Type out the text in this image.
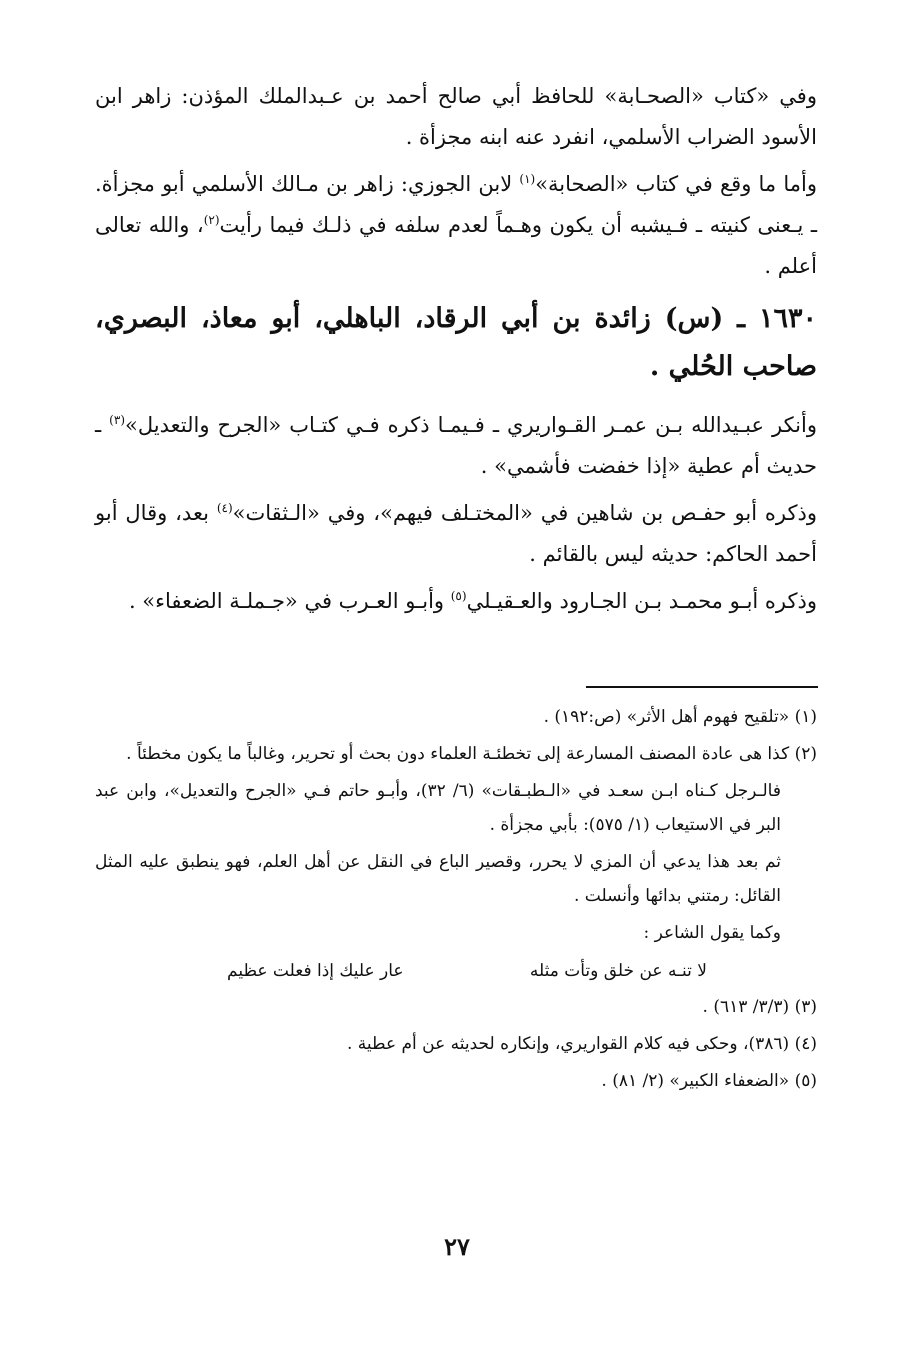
وفي «كتاب «الصحـابة» للحافظ أبي صالح أحمد بن عـبدالملك المؤذن: زاهر ابن الأسود الضراب الأسلمي، انفرد عنه ابنه مجزأة .

وأما ما وقع في كتاب «الصحابة»$^{(١)}$ لابن الجوزي: زاهر بن مـالك الأسلمي أبو مجزأة. ـ يـعنى كنيته ـ فـيشبه أن يكون وهـماً لعدم سلفه في ذلـك فيما رأيت$^{(٢)}$، والله تعالى أعلم .

١٦٣٠ ـ (س) زائدة بن أبي الرقاد، الباهلي، أبو معاذ، البصري، صاحب الحُلي .

وأنكر عبـيدالله بـن عمـر القـواريري ـ فـيمـا ذكره فـي كتـاب «الجرح والتعديل»$^{(٣)}$ ـ حديث أم عطية «إذا خفضت فأشمي» .

وذكره أبو حفـص بن شاهين في «المختـلف فيهم»، وفي «الـثقات»$^{(٤)}$ بعد، وقال أبو أحمد الحاكم: حديثه ليس بالقائم .

وذكره أبـو محمـد بـن الجـارود والعـقيـلي$^{(٥)}$ وأبـو العـرب في «جـملـة الضعفاء» .

(١) «تلقيح فهوم أهل الأثر» (ص:١٩٢) .

(٢) كذا هى عادة المصنف المسارعة إلى تخطئـة العلماء دون بحث أو تحرير، وغالباً ما يكون مخطئاً .

فالـرجل كـناه ابـن سعـد في «الـطبـقات» (٦/ ٣٢)، وأبـو حاتم فـي «الجرح والتعديل»، وابن عبد البر في الاستيعاب (١/ ٥٧٥): بأبي مجزأة .

ثم بعد هذا يدعي أن المزي لا يحرر، وقصير الباع في النقل عن أهل العلم، فهو ينطبق عليه المثل القائل: رمتني بدائها وأنسلت .

وكما يقول الشاعر :

لا تنـه عن خلق وتأت مثله
عار عليك إذا فعلت عظيم

(٣) (٣/٣/ ٦١٣) .

(٤) (٣٨٦)، وحكى فيه كلام القواريري، وإنكاره لحديثه عن أم عطية .

(٥) «الضعفاء الكبير» (٢/ ٨١) .

٢٧
